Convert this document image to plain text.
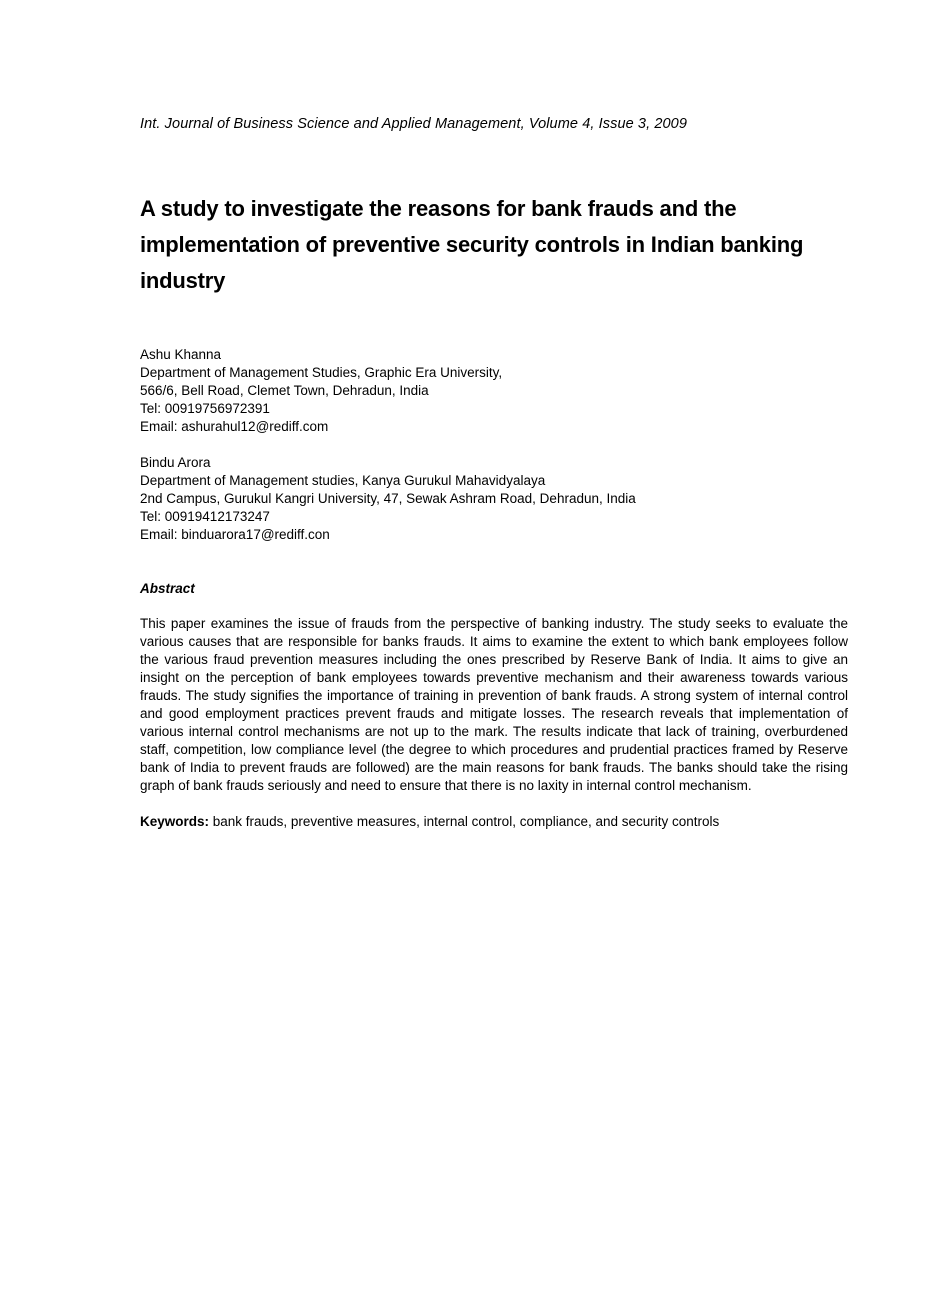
Int. Journal of Business Science and Applied Management, Volume 4, Issue 3, 2009
A study to investigate the reasons for bank frauds and the implementation of preventive security controls in Indian banking industry
Ashu Khanna
Department of Management Studies, Graphic Era University,
566/6, Bell Road, Clemet Town, Dehradun, India
Tel: 00919756972391
Email: ashurahul12@rediff.com
Bindu Arora
Department of Management studies, Kanya Gurukul Mahavidyalaya
2nd Campus, Gurukul Kangri University, 47, Sewak Ashram Road, Dehradun, India
Tel: 00919412173247
Email: binduarora17@rediff.con
Abstract

This paper examines the issue of frauds from the perspective of banking industry. The study seeks to evaluate the various causes that are responsible for banks frauds. It aims to examine the extent to which bank employees follow the various fraud prevention measures including the ones prescribed by Reserve Bank of India. It aims to give an insight on the perception of bank employees towards preventive mechanism and their awareness towards various frauds. The study signifies the importance of training in prevention of bank frauds. A strong system of internal control and good employment practices prevent frauds and mitigate losses. The research reveals that implementation of various internal control mechanisms are not up to the mark. The results indicate that lack of training, overburdened staff, competition, low compliance level (the degree to which procedures and prudential practices framed by Reserve bank of India to prevent frauds are followed) are the main reasons for bank frauds. The banks should take the rising graph of bank frauds seriously and need to ensure that there is no laxity in internal control mechanism.

Keywords: bank frauds, preventive measures, internal control, compliance, and security controls
